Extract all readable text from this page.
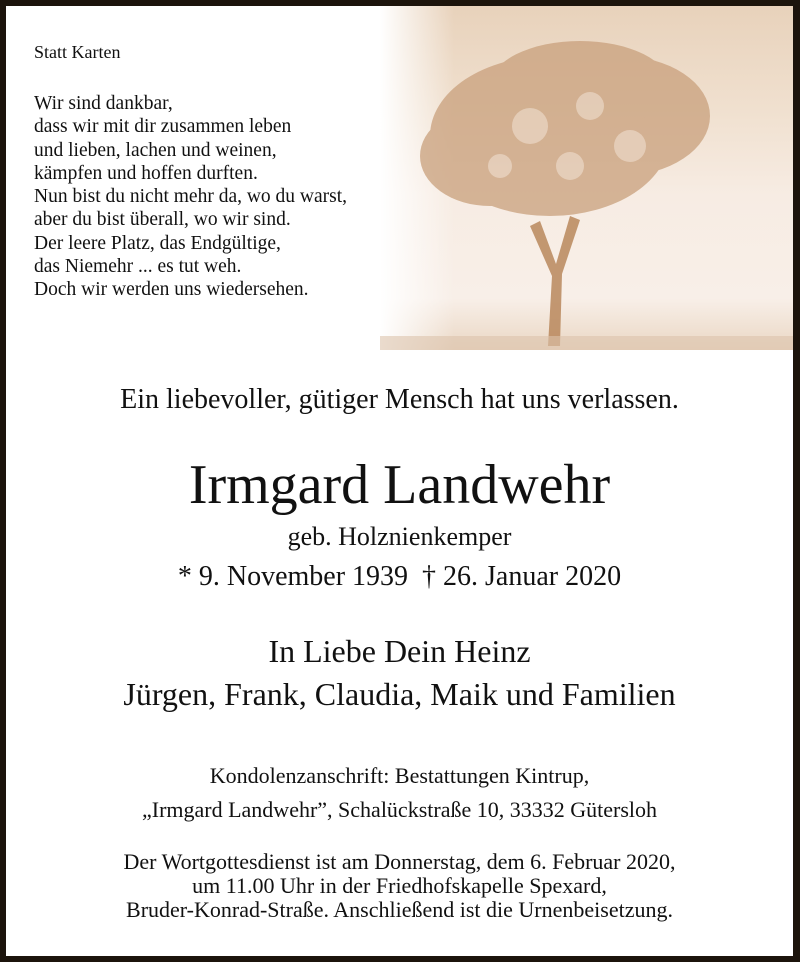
Statt Karten
Wir sind dankbar,
dass wir mit dir zusammen leben
und lieben, lachen und weinen,
kämpfen und hoffen durften.
Nun bist du nicht mehr da, wo du warst,
aber du bist überall, wo wir sind.
Der leere Platz, das Endgültige,
das Niemehr ... es tut weh.
Doch wir werden uns wiedersehen.
Ein liebevoller, gütiger Mensch hat uns verlassen.
Irmgard Landwehr
geb. Holznienkemper
* 9. November 1939  † 26. Januar 2020
In Liebe Dein Heinz
Jürgen, Frank, Claudia, Maik und Familien
Kondolenzanschrift: Bestattungen Kintrup,
„Irmgard Landwehr”, Schalückstraße 10, 33332 Gütersloh
Der Wortgottesdienst ist am Donnerstag, dem 6. Februar 2020,
um 11.00 Uhr in der Friedhofskapelle Spexard,
Bruder-Konrad-Straße. Anschließend ist die Urnenbeisetzung.
